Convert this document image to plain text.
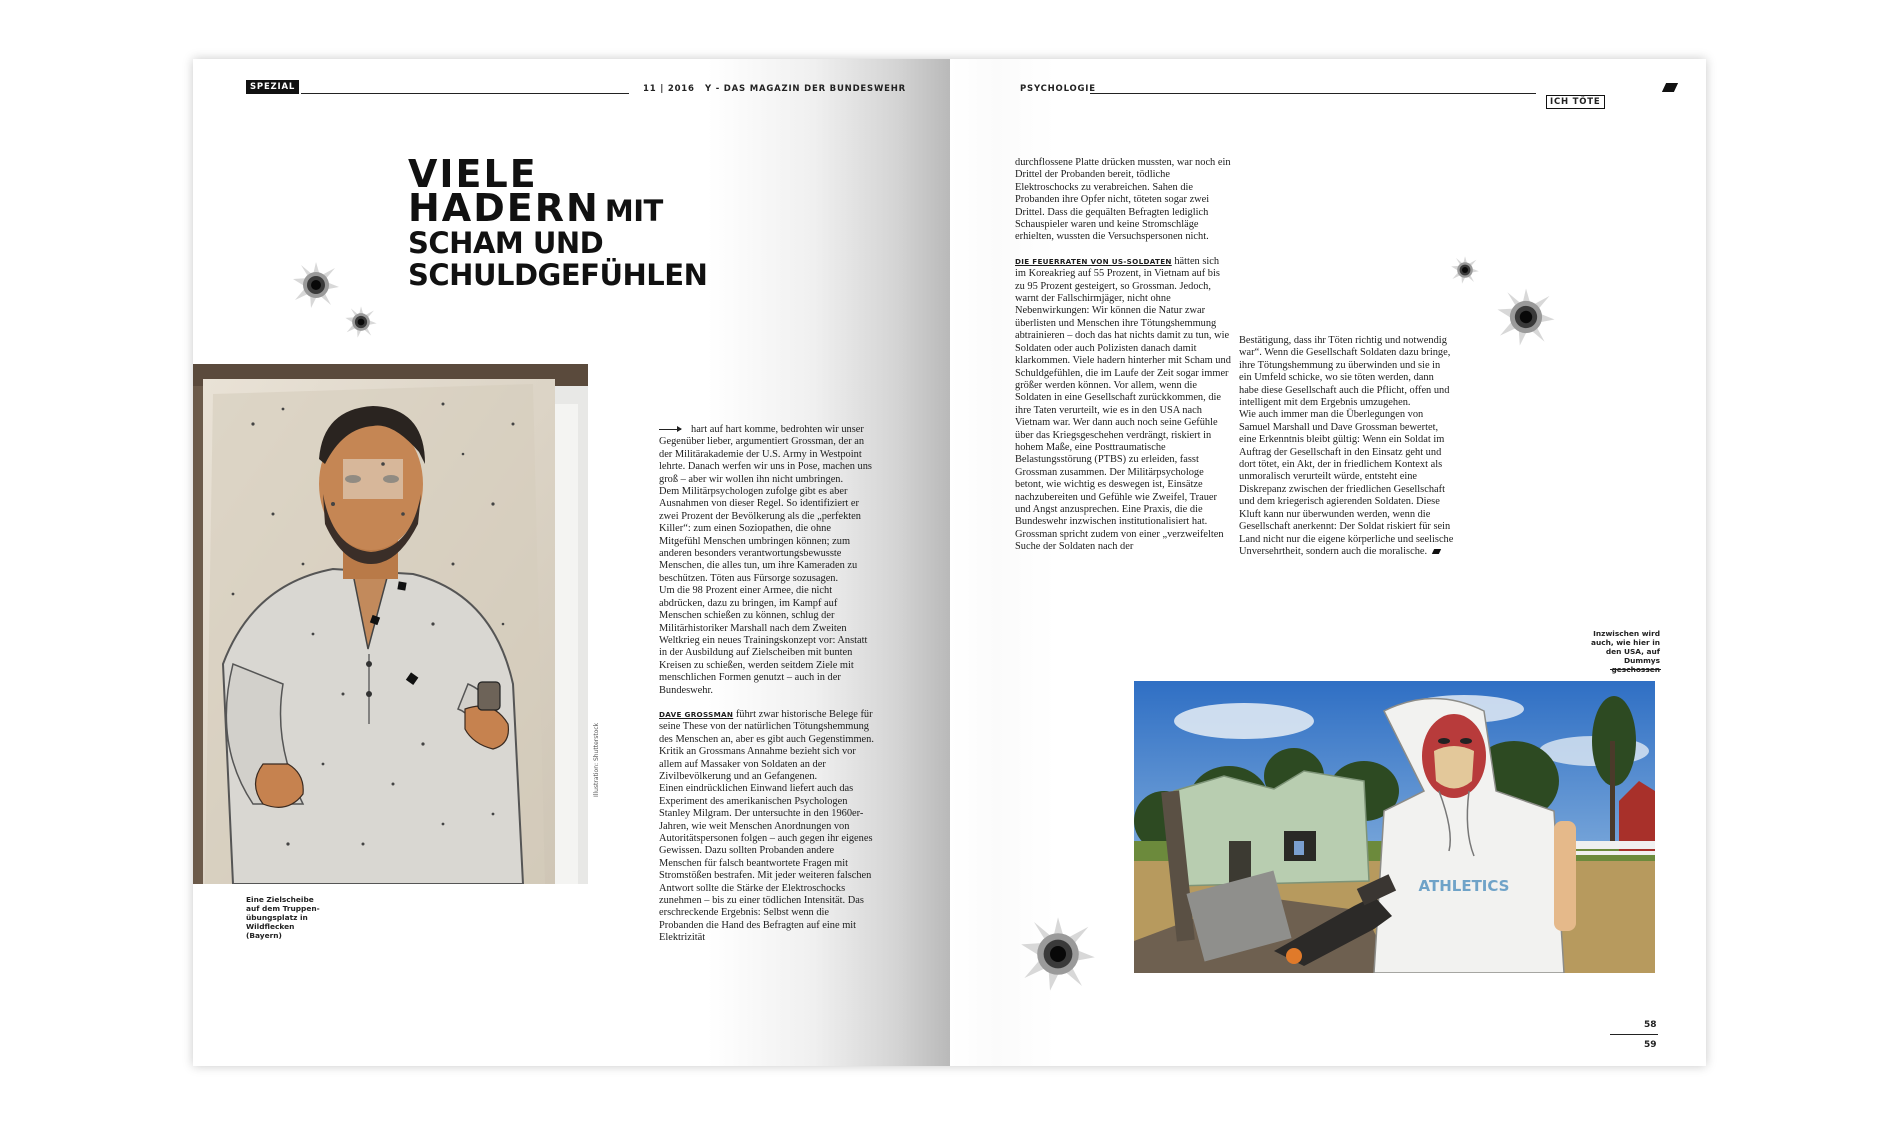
SPEZIAL	11 | 2016 Y - DAS MAGAZIN DER BUNDESWEHR
VIELE
HADERN MIT
SCHAM UND
SCHULDGEFÜHLEN
Illustration: Shutterstock
Eine Zielscheibe auf dem Truppen-übungsplatz in Wildflecken (Bayern)

hart auf hart komme, bedrohten wir unser Gegenüber lieber, argumentiert Grossman, der an der Militärakademie der U.S. Army in Westpoint lehrte. Danach werfen wir uns in Pose, machen uns groß – aber wir wollen ihn nicht umbringen.

Dem Militärpsychologen zufolge gibt es aber Ausnahmen von dieser Regel. So identifiziert er zwei Prozent der Bevölkerung als die „perfekten Killer“: zum einen Soziopathen, die ohne Mitgefühl Menschen umbringen können; zum anderen besonders verantwortungsbewusste Menschen, die alles tun, um ihre Kameraden zu beschützen. Töten aus Fürsorge sozusagen.

Um die 98 Prozent einer Armee, die nicht abdrücken, dazu zu bringen, im Kampf auf Menschen schießen zu können, schlug der Militärhistoriker Marshall nach dem Zweiten Weltkrieg ein neues Trainingskonzept vor: Anstatt in der Ausbildung auf Zielscheiben mit bunten Kreisen zu schießen, werden seitdem Ziele mit menschlichen Formen genutzt – auch in der Bundeswehr.

DAVE GROSSMAN führt zwar historische Belege für seine These von der natürlichen Tötungshemmung des Menschen an, aber es gibt auch Gegenstimmen. Kritik an Grossmans Annahme bezieht sich vor allem auf Massaker von Soldaten an der Zivilbevölkerung und an Gefangenen.

Einen eindrücklichen Einwand liefert auch das Experiment des amerikanischen Psychologen Stanley Milgram. Der untersuchte in den 1960er-Jahren, wie weit Menschen Anordnungen von Autoritätspersonen folgen – auch gegen ihr eigenes Gewissen. Dazu sollten Probanden andere Menschen für falsch beantwortete Fragen mit Stromstößen bestrafen. Mit jeder weiteren falschen Antwort sollte die Stärke der Elektroschocks zunehmen – bis zu einer tödlichen Intensität. Das erschreckende Ergebnis: Selbst wenn die Probanden die Hand des Befragten auf eine mit Elektrizität

PSYCHOLOGIE
ICH TÖTE

durchflossene Platte drücken mussten, war noch ein Drittel der Probanden bereit, tödliche Elektroschocks zu verabreichen. Sahen die Probanden ihre Opfer nicht, töteten sogar zwei Drittel. Dass die gequälten Befragten lediglich Schauspieler waren und keine Stromschläge erhielten, wussten die Versuchspersonen nicht.

DIE FEUERRATEN VON US-SOLDATEN hätten sich im Koreakrieg auf 55 Prozent, in Vietnam auf bis zu 95 Prozent gesteigert, so Grossman. Jedoch, warnt der Fallschirmjäger, nicht ohne Nebenwirkungen: Wir können die Natur zwar überlisten und Menschen ihre Tötungshemmung abtrainieren – doch das hat nichts damit zu tun, wie Soldaten oder auch Polizisten danach damit klarkommen. Viele hadern hinterher mit Scham und Schuldgefühlen, die im Laufe der Zeit sogar immer größer werden können. Vor allem, wenn die Soldaten in eine Gesellschaft zurückkommen, die ihre Taten verurteilt, wie es in den USA nach Vietnam war. Wer dann auch noch seine Gefühle über das Kriegsgeschehen verdrängt, riskiert in hohem Maße, eine Posttraumatische Belastungsstörung (PTBS) zu erleiden, fasst Grossman zusammen. Der Militärpsychologe betont, wie wichtig es deswegen ist, Einsätze nachzubereiten und Gefühle wie Zweifel, Trauer und Angst anzusprechen. Eine Praxis, die die Bundeswehr inzwischen institutionalisiert hat. Grossman spricht zudem von einer „verzweifelten Suche der Soldaten nach der

Bestätigung, dass ihr Töten richtig und notwendig war“. Wenn die Gesellschaft Soldaten dazu bringe, ihre Tötungshemmung zu überwinden und sie in ein Umfeld schicke, wo sie töten werden, dann habe diese Gesellschaft auch die Pflicht, offen und intelligent mit dem Ergebnis umzugehen.

Wie auch immer man die Überlegungen von Samuel Marshall und Dave Grossman bewertet, eine Erkenntnis bleibt gültig: Wenn ein Soldat im Auftrag der Gesellschaft in den Einsatz geht und dort tötet, ein Akt, der in friedlichem Kontext als unmoralisch verurteilt würde, entsteht eine Diskrepanz zwischen der friedlichen Gesellschaft und dem kriegerisch agierenden Soldaten. Diese Kluft kann nur überwunden werden, wenn die Gesellschaft anerkennt: Der Soldat riskiert für sein Land nicht nur die eigene körperliche und seelische Unversehrtheit, sondern auch die moralische.

Inzwischen wird auch, wie hier in den USA, auf Dummys geschossen
ATHLETICS
58
59
